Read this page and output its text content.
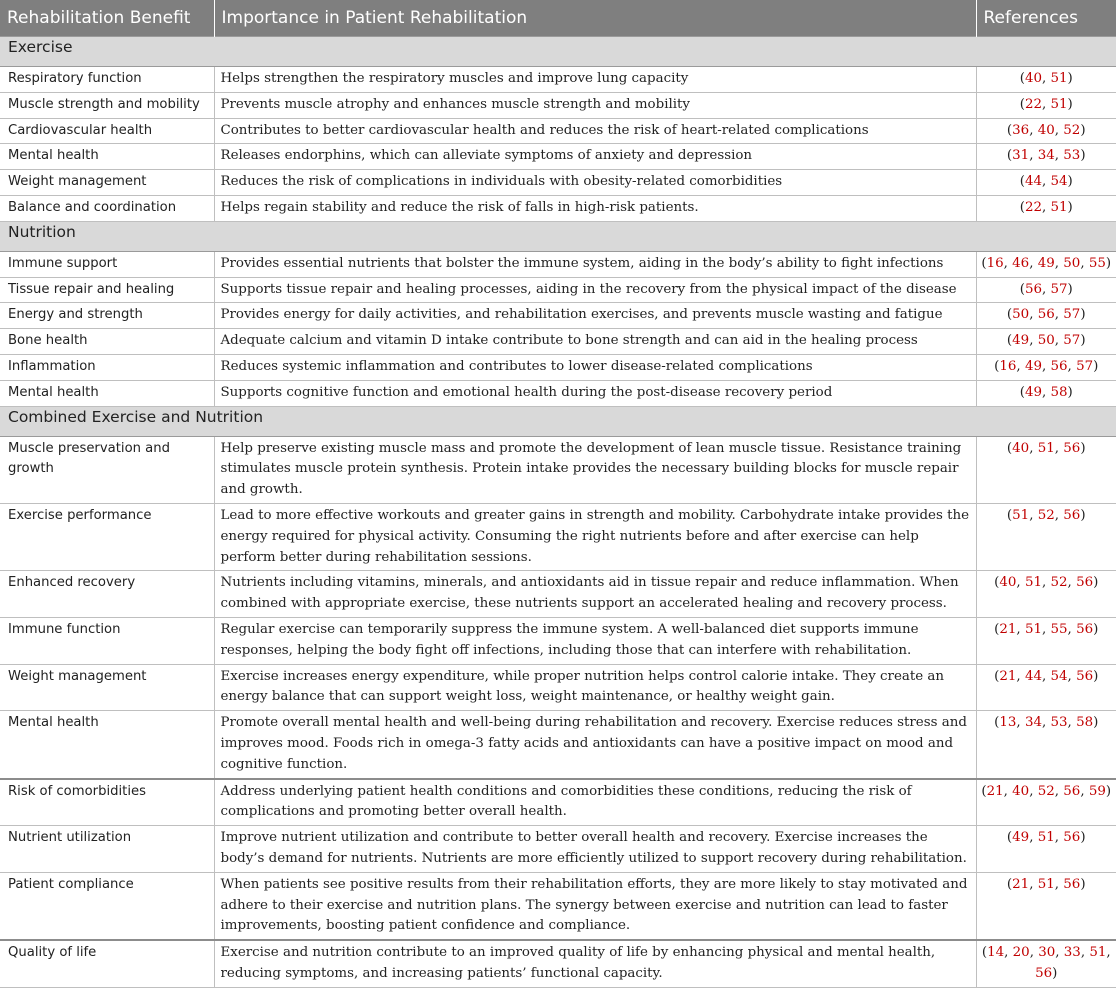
Rehabilitation Benefit	Importance in Patient Rehabilitation	References
Exercise		
Respiratory function	Helps strengthen the respiratory muscles and improve lung capacity	(40, 51)
Muscle strength and mobility	Prevents muscle atrophy and enhances muscle strength and mobility	(22, 51)
Cardiovascular health	Contributes to better cardiovascular health and reduces the risk of heart-related complications	(36, 40, 52)
Mental health	Releases endorphins, which can alleviate symptoms of anxiety and depression	(31, 34, 53)
Weight management	Reduces the risk of complications in individuals with obesity-related comorbidities	(44, 54)
Balance and coordination	Helps regain stability and reduce the risk of falls in high-risk patients.	(22, 51)
Nutrition		
Immune support	Provides essential nutrients that bolster the immune system, aiding in the body’s ability to fight infections	(16, 46, 49, 50, 55)
Tissue repair and healing	Supports tissue repair and healing processes, aiding in the recovery from the physical impact of the disease	(56, 57)
Energy and strength	Provides energy for daily activities, and rehabilitation exercises, and prevents muscle wasting and fatigue	(50, 56, 57)
Bone health	Adequate calcium and vitamin D intake contribute to bone strength and can aid in the healing process	(49, 50, 57)
Inflammation	Reduces systemic inflammation and contributes to lower disease-related complications	(16, 49, 56, 57)
Mental health	Supports cognitive function and emotional health during the post-disease recovery period	(49, 58)
Combined Exercise and Nutrition		
Muscle preservation and growth	Help preserve existing muscle mass and promote the development of lean muscle tissue. Resistance training stimulates muscle protein synthesis. Protein intake provides the necessary building blocks for muscle repair and growth.	(40, 51, 56)
Exercise performance	Lead to more effective workouts and greater gains in strength and mobility. Carbohydrate intake provides the energy required for physical activity. Consuming the right nutrients before and after exercise can help perform better during rehabilitation sessions.	(51, 52, 56)
Enhanced recovery	Nutrients including vitamins, minerals, and antioxidants aid in tissue repair and reduce inflammation. When combined with appropriate exercise, these nutrients support an accelerated healing and recovery process.	(40, 51, 52, 56)
Immune function	Regular exercise can temporarily suppress the immune system. A well-balanced diet supports immune responses, helping the body fight off infections, including those that can interfere with rehabilitation.	(21, 51, 55, 56)
Weight management	Exercise increases energy expenditure, while proper nutrition helps control calorie intake. They create an energy balance that can support weight loss, weight maintenance, or healthy weight gain.	(21, 44, 54, 56)
Mental health	Promote overall mental health and well-being during rehabilitation and recovery. Exercise reduces stress and improves mood. Foods rich in omega-3 fatty acids and antioxidants can have a positive impact on mood and cognitive function.	(13, 34, 53, 58)
Risk of comorbidities	Address underlying patient health conditions and comorbidities these conditions, reducing the risk of complications and promoting better overall health.	(21, 40, 52, 56, 59)
Nutrient utilization	Improve nutrient utilization and contribute to better overall health and recovery. Exercise increases the body’s demand for nutrients. Nutrients are more efficiently utilized to support recovery during rehabilitation.	(49, 51, 56)
Patient compliance	When patients see positive results from their rehabilitation efforts, they are more likely to stay motivated and adhere to their exercise and nutrition plans. The synergy between exercise and nutrition can lead to faster improvements, boosting patient confidence and compliance.	(21, 51, 56)
Quality of life	Exercise and nutrition contribute to an improved quality of life by enhancing physical and mental health, reducing symptoms, and increasing patients’ functional capacity.	(14, 20, 30, 33, 51, 56)
